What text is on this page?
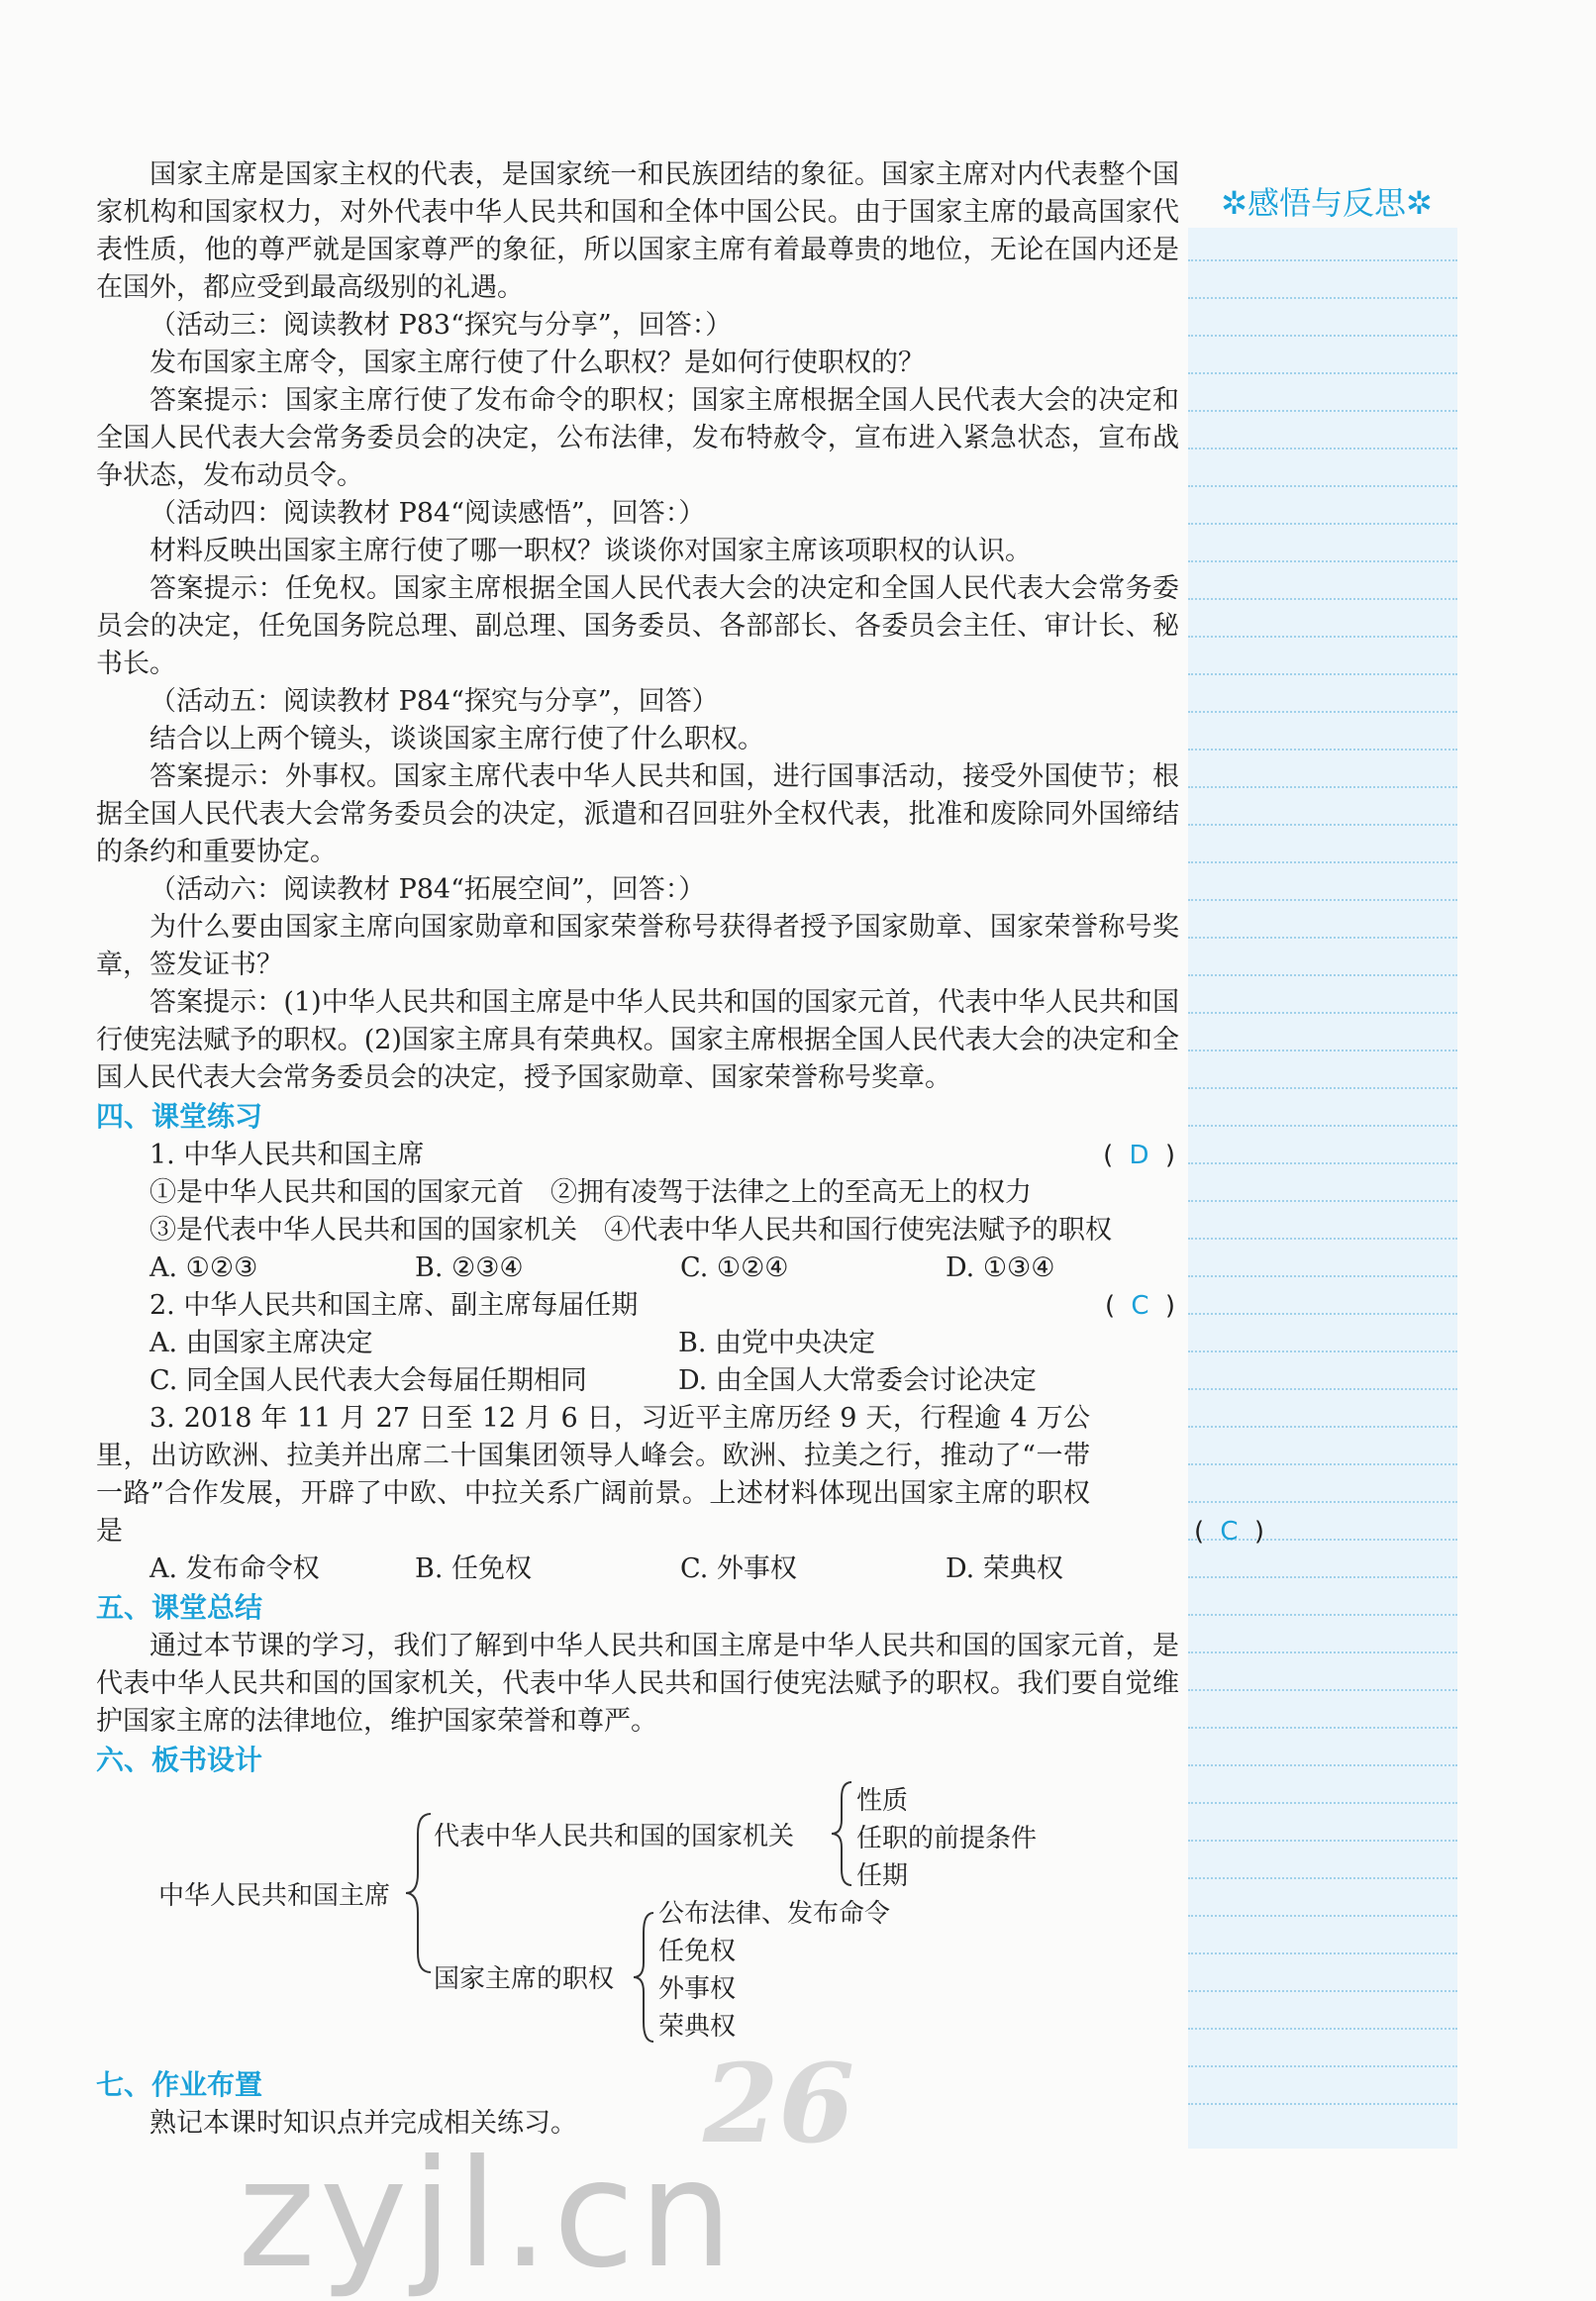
✲感悟与反思✲

国家主席是国家主权的代表，是国家统一和民族团结的象征。国家主席对内代表整个国家机构和国家权力，对外代表中华人民共和国和全体中国公民。由于国家主席的最高国家代表性质，他的尊严就是国家尊严的象征，所以国家主席有着最尊贵的地位，无论在国内还是在国外，都应受到最高级别的礼遇。

（活动三：阅读教材 P83“探究与分享”，回答：）

发布国家主席令，国家主席行使了什么职权？是如何行使职权的？

答案提示：国家主席行使了发布命令的职权；国家主席根据全国人民代表大会的决定和全国人民代表大会常务委员会的决定，公布法律，发布特赦令，宣布进入紧急状态，宣布战争状态，发布动员令。

（活动四：阅读教材 P84“阅读感悟”，回答：）

材料反映出国家主席行使了哪一职权？谈谈你对国家主席该项职权的认识。

答案提示：任免权。国家主席根据全国人民代表大会的决定和全国人民代表大会常务委员会的决定，任免国务院总理、副总理、国务委员、各部部长、各委员会主任、审计长、秘书长。

（活动五：阅读教材 P84“探究与分享”，回答）

结合以上两个镜头，谈谈国家主席行使了什么职权。

答案提示：外事权。国家主席代表中华人民共和国，进行国事活动，接受外国使节；根据全国人民代表大会常务委员会的决定，派遣和召回驻外全权代表，批准和废除同外国缔结的条约和重要协定。

（活动六：阅读教材 P84“拓展空间”，回答：）

为什么要由国家主席向国家勋章和国家荣誉称号获得者授予国家勋章、国家荣誉称号奖章，签发证书？

答案提示：(1)中华人民共和国主席是中华人民共和国的国家元首，代表中华人民共和国行使宪法赋予的职权。(2)国家主席具有荣典权。国家主席根据全国人民代表大会的决定和全国人民代表大会常务委员会的决定，授予国家勋章、国家荣誉称号奖章。

四、课堂练习

1. 中华人民共和国主席	( D )

①是中华人民共和国的国家元首　②拥有凌驾于法律之上的至高无上的权力

③是代表中华人民共和国的国家机关　④代表中华人民共和国行使宪法赋予的职权

A. ①②③	B. ②③④	C. ①②④	D. ①③④

2. 中华人民共和国主席、副主席每届任期	( C )

A. 由国家主席决定	B. 由党中央决定

C. 同全国人民代表大会每届任期相同	D. 由全国人大常委会讨论决定

3. 2018 年 11 月 27 日至 12 月 6 日，习近平主席历经 9 天，行程逾 4 万公里，出访欧洲、拉美并出席二十国集团领导人峰会。欧洲、拉美之行，推动了“一带一路”合作发展，开辟了中欧、中拉关系广阔前景。上述材料体现出国家主席的职权是	( C )

A. 发布命令权	B. 任免权	C. 外事权	D. 荣典权

五、课堂总结

通过本节课的学习，我们了解到中华人民共和国主席是中华人民共和国的国家元首，是代表中华人民共和国的国家机关，代表中华人民共和国行使宪法赋予的职权。我们要自觉维护国家主席的法律地位，维护国家荣誉和尊严。

六、板书设计

中华人民共和国主席
代表中华人民共和国的国家机关
性质
任职的前提条件
任期
国家主席的职权
公布法律、发布命令
任免权
外事权
荣典权

七、作业布置

熟记本课时知识点并完成相关练习。	26
zyjl.cn
